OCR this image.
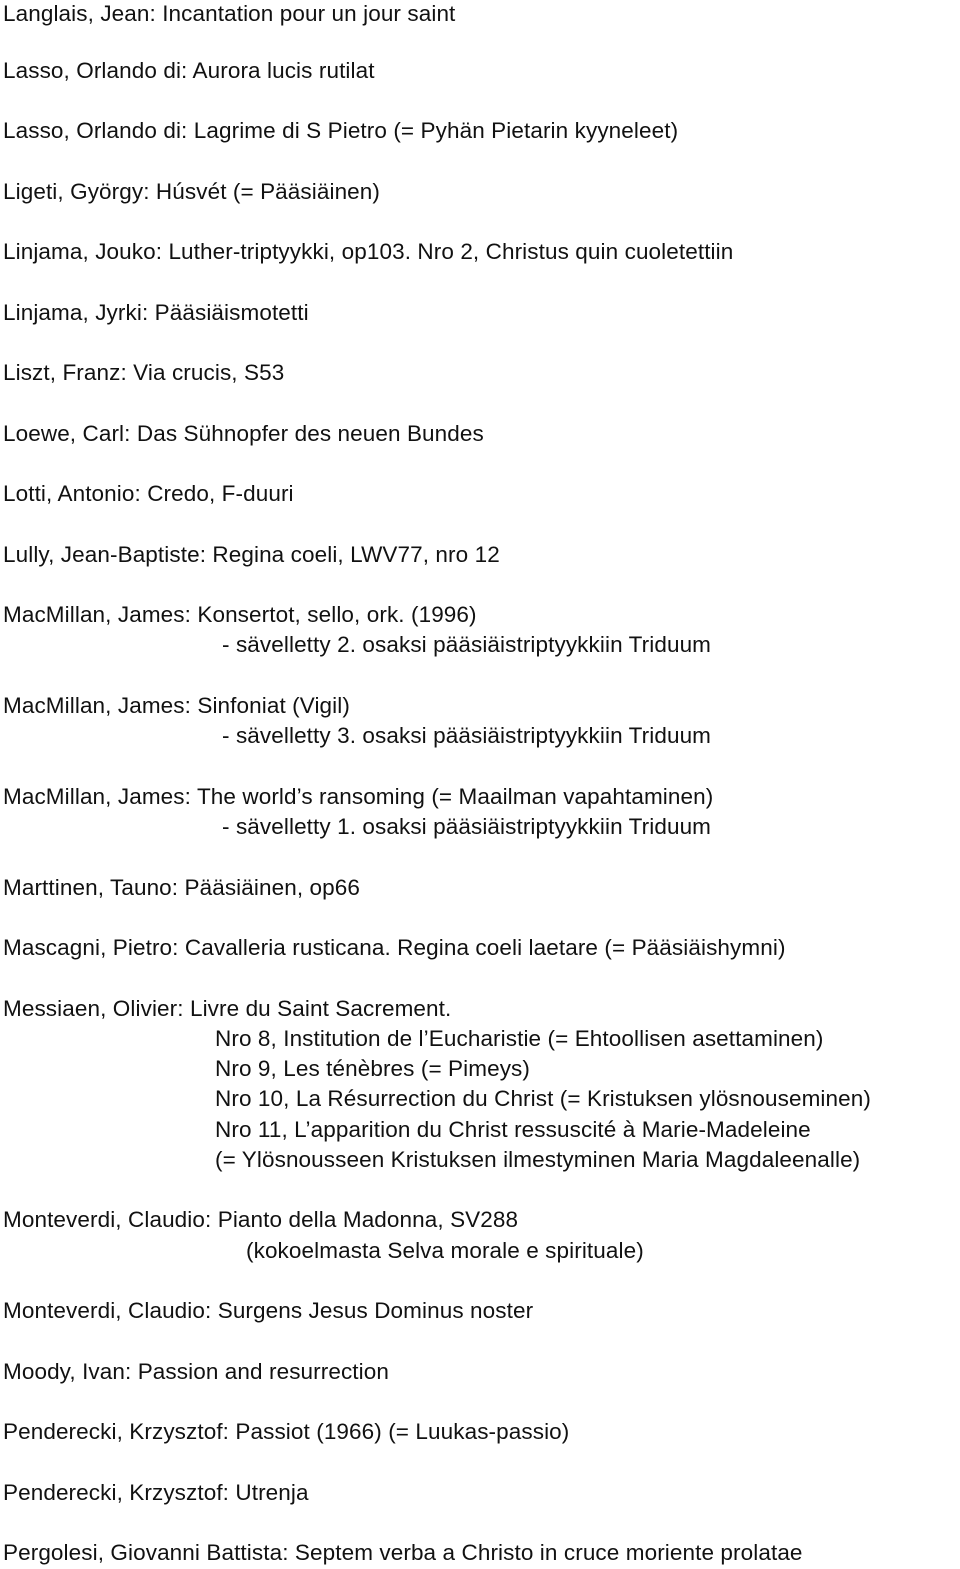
Langlais, Jean: Incantation pour un jour saint
Lasso, Orlando di: Aurora lucis rutilat
Lasso, Orlando di: Lagrime di S Pietro (= Pyhän Pietarin kyyneleet)
Ligeti, György: Húsvét (= Pääsiäinen)
Linjama, Jouko: Luther-triptyykki, op103. Nro 2, Christus quin cuoletettiin
Linjama, Jyrki: Pääsiäismotetti
Liszt, Franz: Via crucis, S53
Loewe, Carl: Das Sühnopfer des neuen Bundes
Lotti, Antonio: Credo, F-duuri
Lully, Jean-Baptiste: Regina coeli, LWV77, nro 12
MacMillan, James: Konsertot, sello, ork. (1996)
- sävelletty 2. osaksi pääsiäistriptyykkiin Triduum
MacMillan, James: Sinfoniat (Vigil)
- sävelletty 3. osaksi pääsiäistriptyykkiin Triduum
MacMillan, James: The world’s ransoming (= Maailman vapahtaminen)
- sävelletty 1. osaksi pääsiäistriptyykkiin Triduum
Marttinen, Tauno: Pääsiäinen, op66
Mascagni, Pietro: Cavalleria rusticana. Regina coeli laetare (= Pääsiäishymni)
Messiaen, Olivier: Livre du Saint Sacrement.
Nro 8, Institution de l’Eucharistie (= Ehtoollisen asettaminen)
Nro 9, Les ténèbres (= Pimeys)
Nro 10, La Résurrection du Christ (= Kristuksen ylösnouseminen)
Nro 11, L’apparition du Christ ressuscité à Marie-Madeleine
(= Ylösnousseen Kristuksen ilmestyminen Maria Magdaleenalle)
Monteverdi, Claudio: Pianto della Madonna, SV288
(kokoelmasta Selva morale e spirituale)
Monteverdi, Claudio: Surgens Jesus Dominus noster
Moody, Ivan: Passion and resurrection
Penderecki, Krzysztof: Passiot (1966) (= Luukas-passio)
Penderecki, Krzysztof: Utrenja
Pergolesi, Giovanni Battista: Septem verba a Christo in cruce moriente prolatae
